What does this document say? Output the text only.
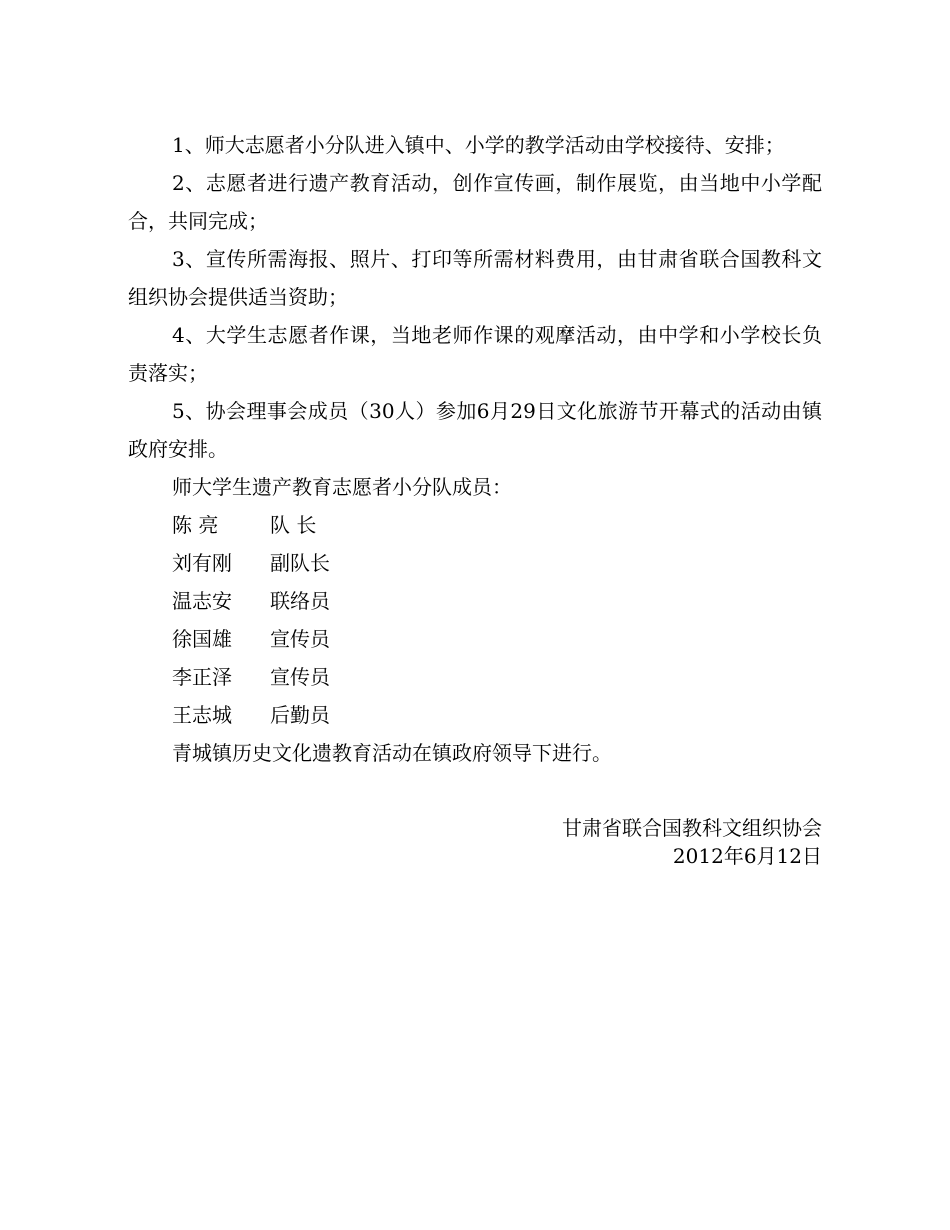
1、师大志愿者小分队进入镇中、小学的教学活动由学校接待、安排；

2、志愿者进行遗产教育活动，创作宣传画，制作展览，由当地中小学配合，共同完成；

3、宣传所需海报、照片、打印等所需材料费用，由甘肃省联合国教科文组织协会提供适当资助；

4、大学生志愿者作课，当地老师作课的观摩活动，由中学和小学校长负责落实；

5、协会理事会成员（30人）参加6月29日文化旅游节开幕式的活动由镇政府安排。

师大学生遗产教育志愿者小分队成员：

陈 亮	队 长
刘有刚 副队长
温志安 联络员
徐国雄 宣传员
李正泽 宣传员
王志城 后勤员

青城镇历史文化遗教育活动在镇政府领导下进行。

甘肃省联合国教科文组织协会
2012年6月12日
